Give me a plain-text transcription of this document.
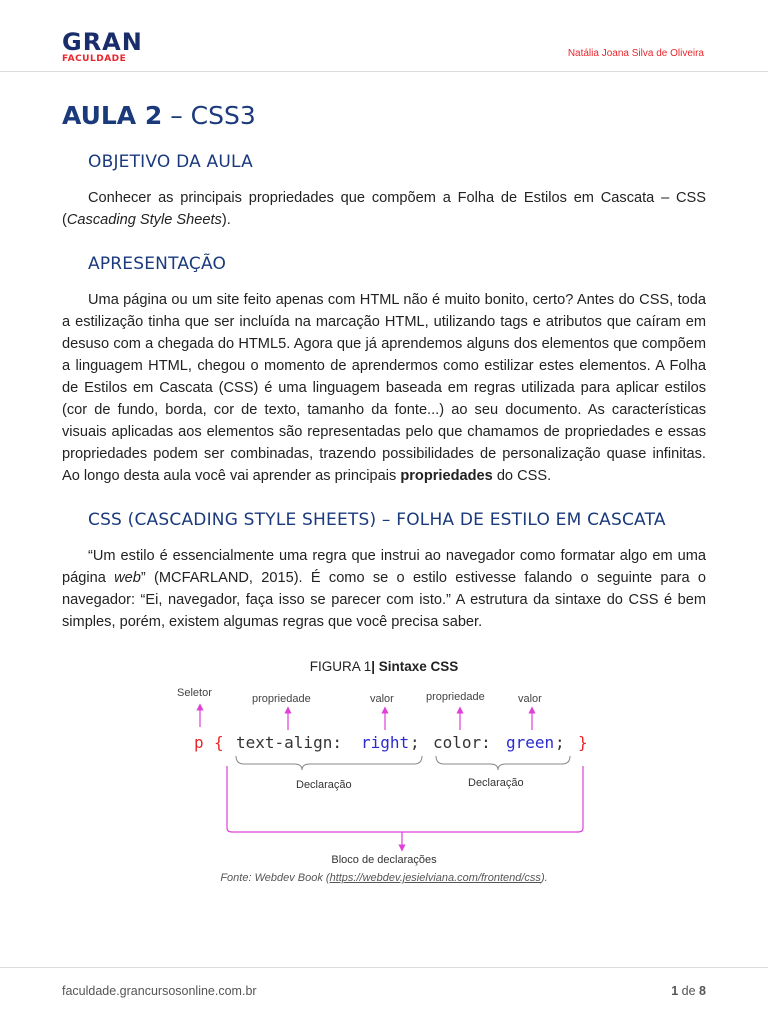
GRAN
FACULDADE	Natália Joana Silva de Oliveira
AULA 2 – CSS3
OBJETIVO DA AULA

Conhecer as principais propriedades que compõem a Folha de Estilos em Cascata – CSS (Cascading Style Sheets).

APRESENTAÇÃO

Uma página ou um site feito apenas com HTML não é muito bonito, certo? Antes do CSS, toda a estilização tinha que ser incluída na marcação HTML, utilizando tags e atributos que caíram em desuso com a chegada do HTML5. Agora que já aprendemos alguns dos elementos que compõem a linguagem HTML, chegou o momento de aprendermos como estilizar estes elementos. A Folha de Estilos em Cascata (CSS) é uma linguagem baseada em regras utilizada para aplicar estilos (cor de fundo, borda, cor de texto, tamanho da fonte...) ao seu documento. As características visuais aplicadas aos elementos são representadas pelo que chamamos de propriedades e essas propriedades podem ser combinadas, trazendo possibilidades de personalização quase infinitas. Ao longo desta aula você vai aprender as principais propriedades do CSS.

CSS (CASCADING STYLE SHEETS) – FOLHA DE ESTILO EM CASCATA

“Um estilo é essencialmente uma regra que instrui ao navegador como formatar algo em uma página web” (MCFARLAND, 2015). É como se o estilo estivesse falando o seguinte para o navegador: “Ei, navegador, faça isso se parecer com isto.” A estrutura da sintaxe do CSS é bem simples, porém, existem algumas regras que você precisa saber.

FIGURA 1| Sintaxe CSS
Seletor	propriedade	valor	propriedade	valor
p { text-align: right ; color: green ; }
Declaração	Declaração
Bloco de declarações
Fonte: Webdev Book (https://webdev.jesielviana.com/frontend/css).
faculdade.grancursosonline.com.br	1 de 8
